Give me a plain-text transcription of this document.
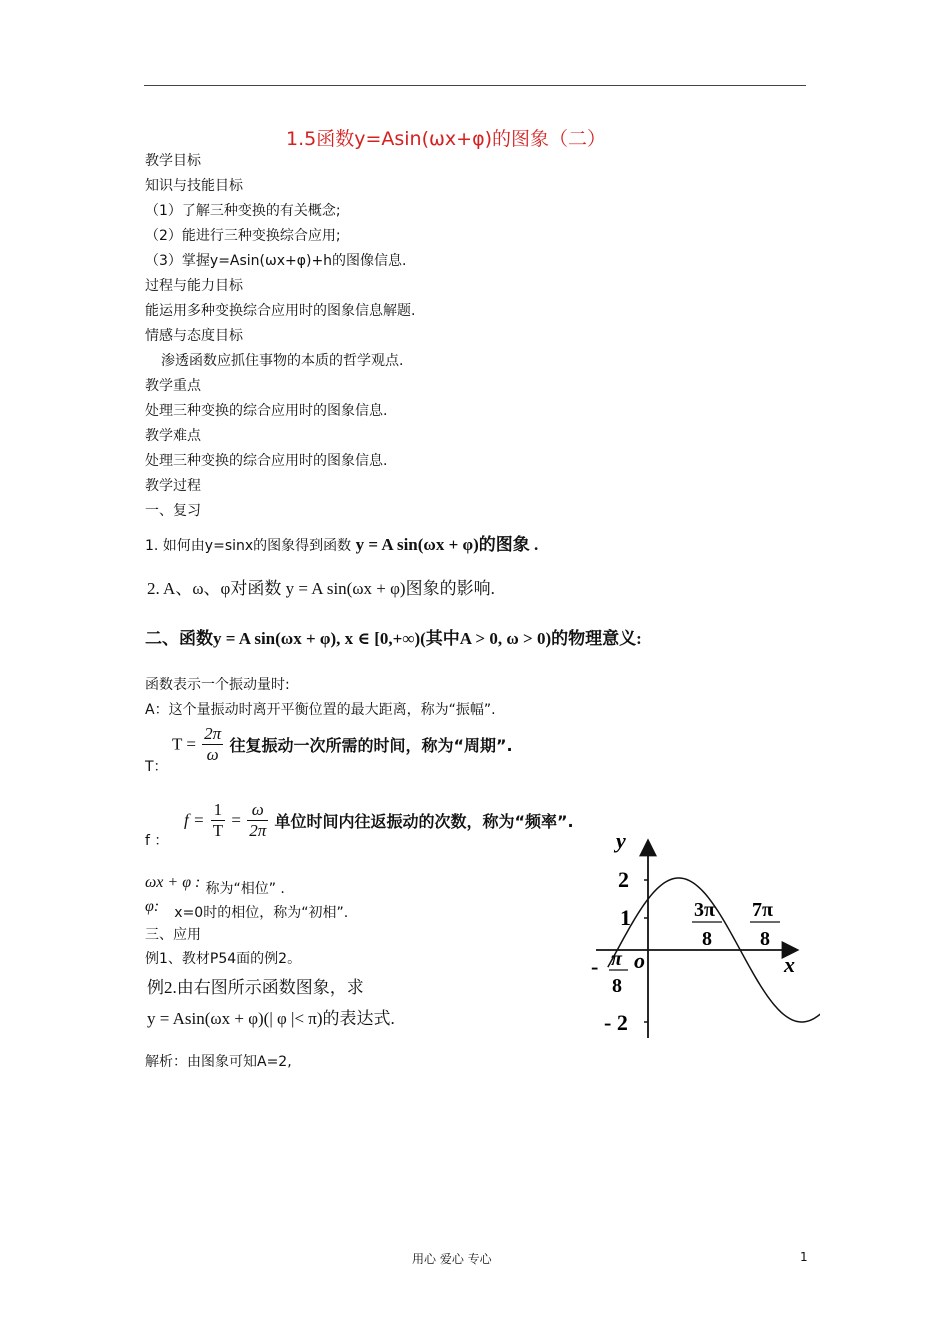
1.5函数y=Asin(ωx+φ)的图象（二）
教学目标
知识与技能目标
（1）了解三种变换的有关概念;
（2）能进行三种变换综合应用;
（3）掌握y=Asin(ωx+φ)+h的图像信息.
过程与能力目标
能运用多种变换综合应用时的图象信息解题.
情感与态度目标
渗透函数应抓住事物的本质的哲学观点.
教学重点
处理三种变换的综合应用时的图象信息.
教学难点
处理三种变换的综合应用时的图象信息.
教学过程
一、复习
1. 如何由y=sinx的图象得到函数 y = A sin(ωx + φ)的图象 .
2. A、ω、φ对函数 y = A sin(ωx + φ)图象的影响.
二、函数y = A sin(ωx + φ), x ∈ [0,+∞)(其中A > 0, ω > 0)的物理意义:
函数表示一个振动量时:
A：这个量振动时离开平衡位置的最大距离，称为“振幅”.
$T = \frac{2\pi}{\omega}$ 往复振动一次所需的时间，称为“周期”.
T：
$f = \frac{1}{T} = \frac{\omega}{2\pi}$ 单位时间内往返振动的次数，称为“频率”.
f ：
ωx + φ : 称为“相位” .
φ: x=0时的相位，称为“初相”.
三、应用
例1、教材P54面的例2。
例2.由右图所示函数图象，求
y = Asin(ωx + φ)(| φ |< π)的表达式.
解析：由图象可知A=2,
y
x
o
2
1
- 2
3π
8
7π
8
- π
8
用心 爱心 专心	1
